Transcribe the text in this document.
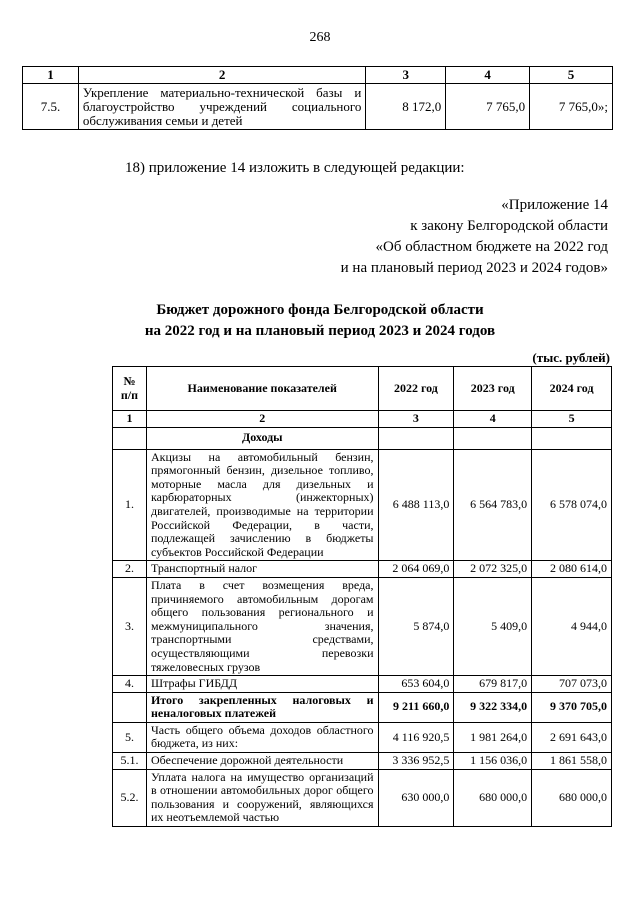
268
1	2	3	4	5
7.5.	Укрепление материально-технической базы и благоустройство учреждений социального обслуживания семьи и детей	8 172,0	7 765,0	7 765,0»;
18) приложение 14 изложить в следующей редакции:
«Приложение 14
к закону Белгородской области
«Об областном бюджете на 2022 год
и на плановый период 2023 и 2024 годов»
Бюджет дорожного фонда Белгородской области
на 2022 год и на плановый период 2023 и 2024 годов
(тыс. рублей)
№ п/п	Наименование показателей	2022 год	2023 год	2024 год
1	2	3	4	5
	Доходы			
1.	Акцизы на автомобильный бензин, прямогонный бензин, дизельное топливо, моторные масла для дизельных и карбюраторных (инжекторных) двигателей, производимые на территории Российской Федерации, в части, подлежащей зачислению в бюджеты субъектов Российской Федерации	6 488 113,0	6 564 783,0	6 578 074,0
2.	Транспортный налог	2 064 069,0	2 072 325,0	2 080 614,0
3.	Плата в счет возмещения вреда, причиняемого автомобильным дорогам общего пользования регионального и межмуниципального значения, транспортными средствами, осуществляющими перевозки тяжеловесных грузов	5 874,0	5 409,0	4 944,0
4.	Штрафы ГИБДД	653 604,0	679 817,0	707 073,0
	Итого закрепленных налоговых и неналоговых платежей	9 211 660,0	9 322 334,0	9 370 705,0
5.	Часть общего объема доходов областного бюджета, из них:	4 116 920,5	1 981 264,0	2 691 643,0
5.1.	Обеспечение дорожной деятельности	3 336 952,5	1 156 036,0	1 861 558,0
5.2.	Уплата налога на имущество организаций в отношении автомобильных дорог общего пользования и сооружений, являющихся их неотъемлемой частью	630 000,0	680 000,0	680 000,0
